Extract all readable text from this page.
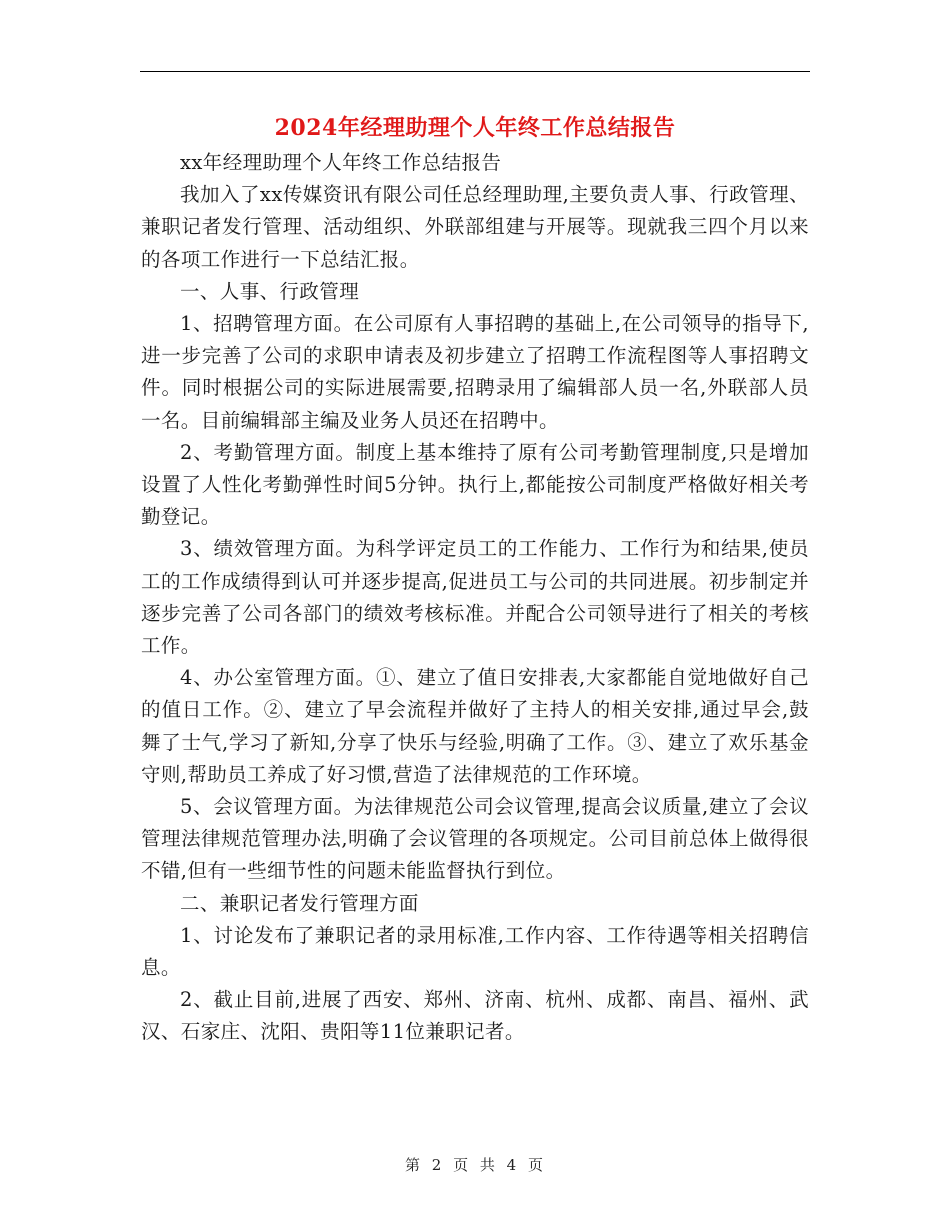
2024年经理助理个人年终工作总结报告

xx年经理助理个人年终工作总结报告

我加入了xx传媒资讯有限公司任总经理助理,主要负责人事、行政管理、兼职记者发行管理、活动组织、外联部组建与开展等。现就我三四个月以来的各项工作进行一下总结汇报。

一、人事、行政管理

1、招聘管理方面。在公司原有人事招聘的基础上,在公司领导的指导下,进一步完善了公司的求职申请表及初步建立了招聘工作流程图等人事招聘文件。同时根据公司的实际进展需要,招聘录用了编辑部人员一名,外联部人员一名。目前编辑部主编及业务人员还在招聘中。

2、考勤管理方面。制度上基本维持了原有公司考勤管理制度,只是增加设置了人性化考勤弹性时间5分钟。执行上,都能按公司制度严格做好相关考勤登记。

3、绩效管理方面。为科学评定员工的工作能力、工作行为和结果,使员工的工作成绩得到认可并逐步提高,促进员工与公司的共同进展。初步制定并逐步完善了公司各部门的绩效考核标准。并配合公司领导进行了相关的考核工作。

4、办公室管理方面。①、建立了值日安排表,大家都能自觉地做好自己的值日工作。②、建立了早会流程并做好了主持人的相关安排,通过早会,鼓舞了士气,学习了新知,分享了快乐与经验,明确了工作。③、建立了欢乐基金守则,帮助员工养成了好习惯,营造了法律规范的工作环境。

5、会议管理方面。为法律规范公司会议管理,提高会议质量,建立了会议管理法律规范管理办法,明确了会议管理的各项规定。公司目前总体上做得很不错,但有一些细节性的问题未能监督执行到位。

二、兼职记者发行管理方面

1、讨论发布了兼职记者的录用标准,工作内容、工作待遇等相关招聘信息。

2、截止目前,进展了西安、郑州、济南、杭州、成都、南昌、福州、武汉、石家庄、沈阳、贵阳等11位兼职记者。

第 2 页 共 4 页
